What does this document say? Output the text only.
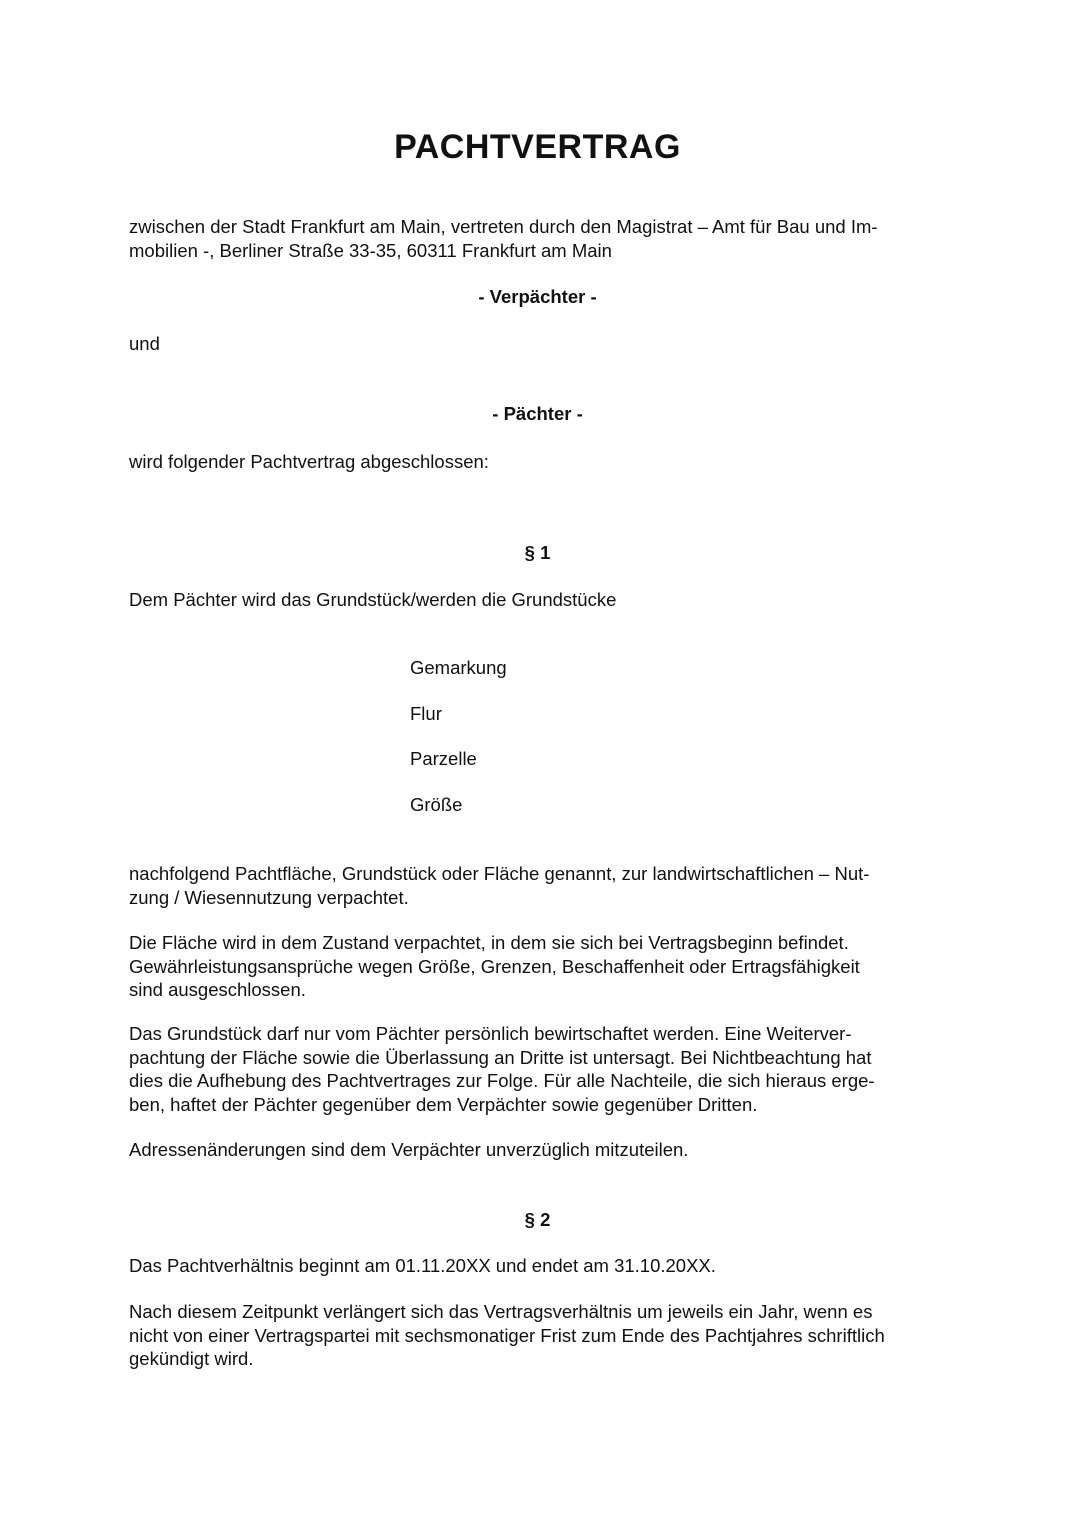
PACHTVERTRAG
zwischen der Stadt Frankfurt am Main, vertreten durch den Magistrat – Amt für Bau und Im-
mobilien -, Berliner Straße 33-35, 60311 Frankfurt am Main

- Verpächter -

und

- Pächter -

wird folgender Pachtvertrag abgeschlossen:

§ 1

Dem Pächter wird das Grundstück/werden die Grundstücke

Gemarkung

Flur

Parzelle

Größe

nachfolgend Pachtfläche, Grundstück oder Fläche genannt, zur landwirtschaftlichen – Nut-
zung / Wiesennutzung verpachtet.
Die Fläche wird in dem Zustand verpachtet, in dem sie sich bei Vertragsbeginn befindet.
Gewährleistungsansprüche wegen Größe, Grenzen, Beschaffenheit oder Ertragsfähigkeit
sind ausgeschlossen.
Das Grundstück darf nur vom Pächter persönlich bewirtschaftet werden. Eine Weiterver-
pachtung der Fläche sowie die Überlassung an Dritte ist untersagt. Bei Nichtbeachtung hat
dies die Aufhebung des Pachtvertrages zur Folge. Für alle Nachteile, die sich hieraus erge-
ben, haftet der Pächter gegenüber dem Verpächter sowie gegenüber Dritten.

Adressenänderungen sind dem Verpächter unverzüglich mitzuteilen.

§ 2

Das Pachtverhältnis beginnt am 01.11.20XX und endet am 31.10.20XX.

Nach diesem Zeitpunkt verlängert sich das Vertragsverhältnis um jeweils ein Jahr, wenn es
nicht von einer Vertragspartei mit sechsmonatiger Frist zum Ende des Pachtjahres schriftlich
gekündigt wird.
